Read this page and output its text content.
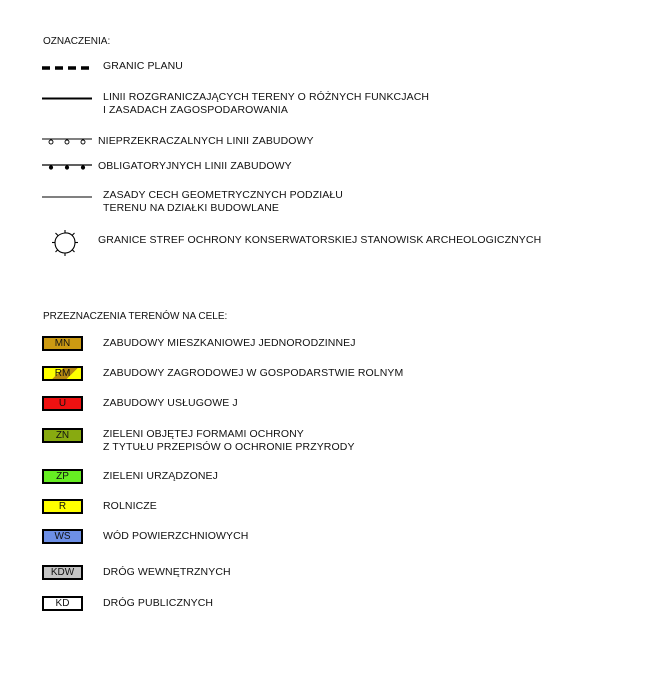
OZNACZENIA:
GRANIC PLANU
LINII ROZGRANICZAJĄCYCH TERENY O RÓŻNYCH FUNKCJACH
I ZASADACH ZAGOSPODAROWANIA
NIEPRZEKRACZALNYCH LINII ZABUDOWY
OBLIGATORYJNYCH LINII ZABUDOWY
ZASADY CECH GEOMETRYCZNYCH PODZIAŁU
TERENU NA DZIAŁKI BUDOWLANE
GRANICE STREF OCHRONY KONSERWATORSKIEJ STANOWISK ARCHEOLOGICZNYCH
PRZEZNACZENIA TERENÓW NA CELE:
MN	ZABUDOWY MIESZKANIOWEJ JEDNORODZINNEJ
RM	ZABUDOWY ZAGRODOWEJ W GOSPODARSTWIE ROLNYM
U	ZABUDOWY USŁUGOWE J
ZN	ZIELENI OBJĘTEJ FORMAMI OCHRONY
Z TYTUŁU PRZEPISÓW O OCHRONIE PRZYRODY
ZP	ZIELENI URZĄDZONEJ
R	ROLNICZE
WS	WÓD POWIERZCHNIOWYCH
KDW	DRÓG WEWNĘTRZNYCH
KD	DRÓG PUBLICZNYCH
